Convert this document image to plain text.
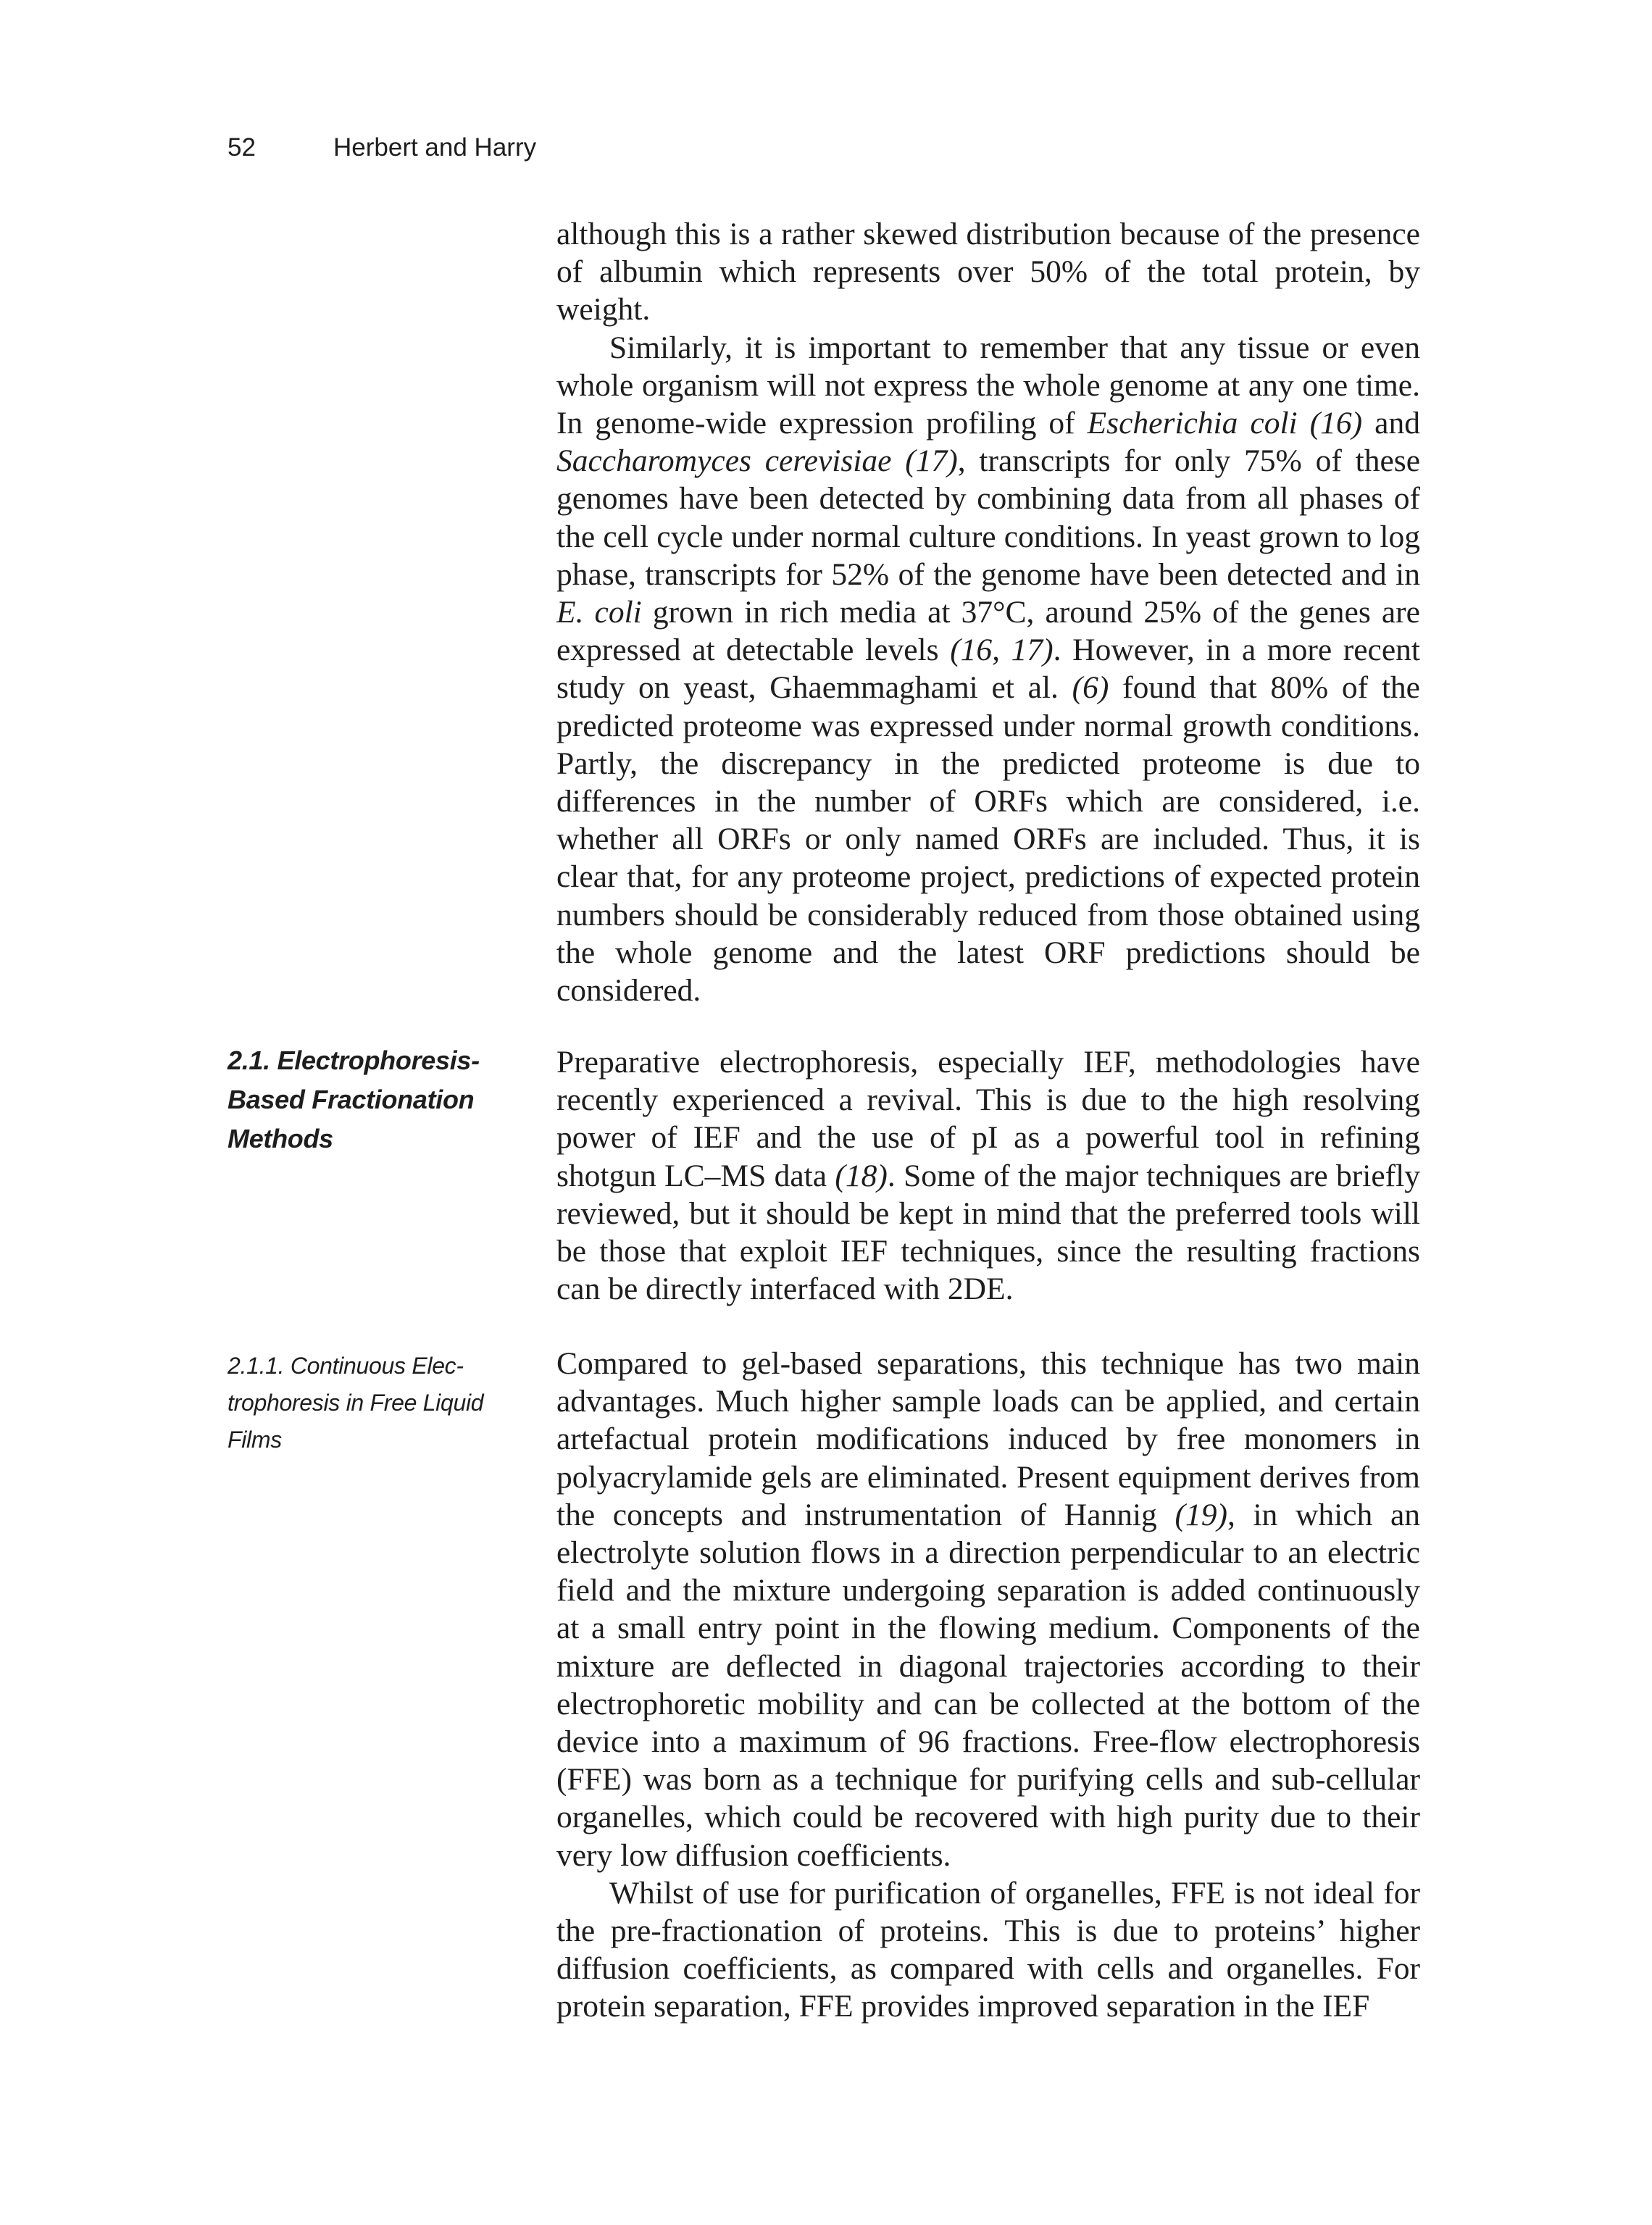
52	Herbert and Harry

although this is a rather skewed distribution because of the presence of albumin which represents over 50% of the total protein, by weight.

Similarly, it is important to remember that any tissue or even whole organism will not express the whole genome at any one time. In genome-wide expression profiling of Escherichia coli (16) and Saccharomyces cerevisiae (17), transcripts for only 75% of these genomes have been detected by combining data from all phases of the cell cycle under normal culture conditions. In yeast grown to log phase, transcripts for 52% of the genome have been detected and in E. coli grown in rich media at 37°C, around 25% of the genes are expressed at detectable levels (16, 17). However, in a more recent study on yeast, Ghaemmaghami et al. (6) found that 80% of the predicted proteome was expressed under normal growth conditions. Partly, the discrepancy in the predicted proteome is due to differences in the number of ORFs which are considered, i.e. whether all ORFs or only named ORFs are included. Thus, it is clear that, for any proteome project, predictions of expected protein numbers should be considerably reduced from those obtained using the whole genome and the latest ORF predictions should be considered.

2.1. Electrophoresis-
Based Fractionation
Methods

Preparative electrophoresis, especially IEF, methodologies have recently experienced a revival. This is due to the high resolving power of IEF and the use of pI as a powerful tool in refining shotgun LC–MS data (18). Some of the major techniques are briefly reviewed, but it should be kept in mind that the preferred tools will be those that exploit IEF techniques, since the resulting fractions can be directly interfaced with 2DE.

2.1.1. Continuous Elec-
trophoresis in Free Liquid
Films

Compared to gel-based separations, this technique has two main advantages. Much higher sample loads can be applied, and certain artefactual protein modifications induced by free monomers in polyacrylamide gels are eliminated. Present equipment derives from the concepts and instrumentation of Hannig (19), in which an electrolyte solution flows in a direction perpendicular to an electric field and the mixture undergoing separation is added continuously at a small entry point in the flowing medium. Components of the mixture are deflected in diagonal trajectories according to their electrophoretic mobility and can be collected at the bottom of the device into a maximum of 96 fractions. Free-flow electrophoresis (FFE) was born as a technique for purifying cells and sub-cellular organelles, which could be recovered with high purity due to their very low diffusion coefficients.

Whilst of use for purification of organelles, FFE is not ideal for the pre-fractionation of proteins. This is due to proteins’ higher diffusion coefficients, as compared with cells and organelles. For protein separation, FFE provides improved separation in the IEF
